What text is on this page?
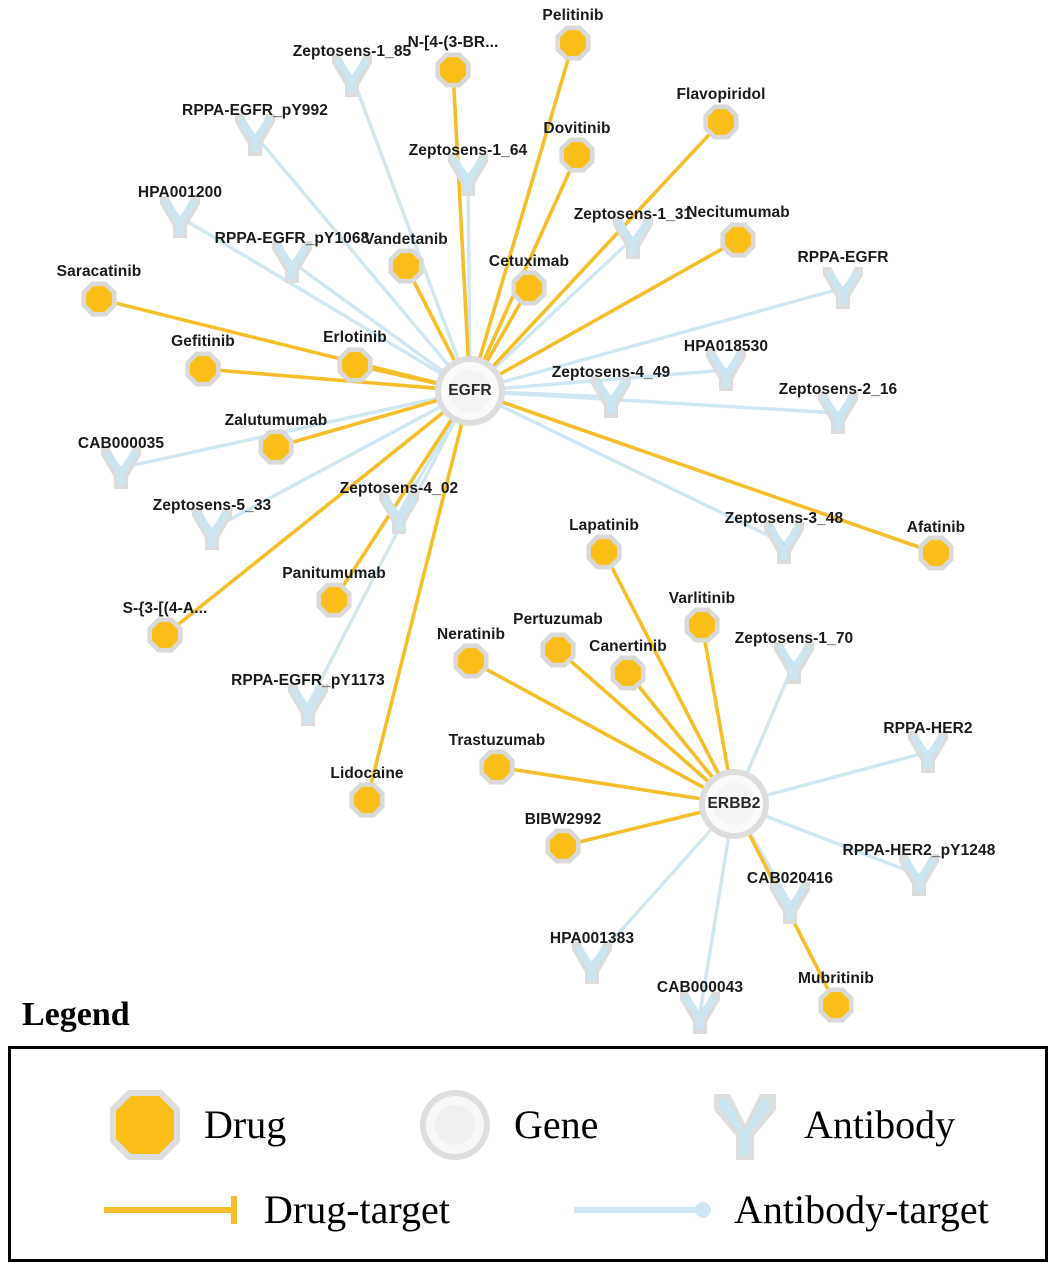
Pelitinib
N-[4-(3-BR...
Flavopiridol
Dovitinib
Necitumumab
Vandetanib
Cetuximab
Saracatinib
Erlotinib
Gefitinib
Zalutumumab
Afatinib
Lapatinib
Panitumumab
Varlitinib
S-{3-[(4-A...
Pertuzumab
Neratinib
Canertinib
Trastuzumab
Lidocaine
BIBW2992
Mubritinib
Zeptosens-1_85
RPPA-EGFR_pY992
Zeptosens-1_64
HPA001200
Zeptosens-1_31
RPPA-EGFR_pY1068
RPPA-EGFR
HPA018530
Zeptosens-4_49
Zeptosens-2_16
CAB000035
Zeptosens-4_02
Zeptosens-5_33
Zeptosens-3_48
Zeptosens-1_70
RPPA-EGFR_pY1173
RPPA-HER2
RPPA-HER2_pY1248
CAB020416
HPA001383
CAB000043
EGFR
ERBB2
Legend
Drug	Gene	Antibody
Drug-target	Antibody-target
